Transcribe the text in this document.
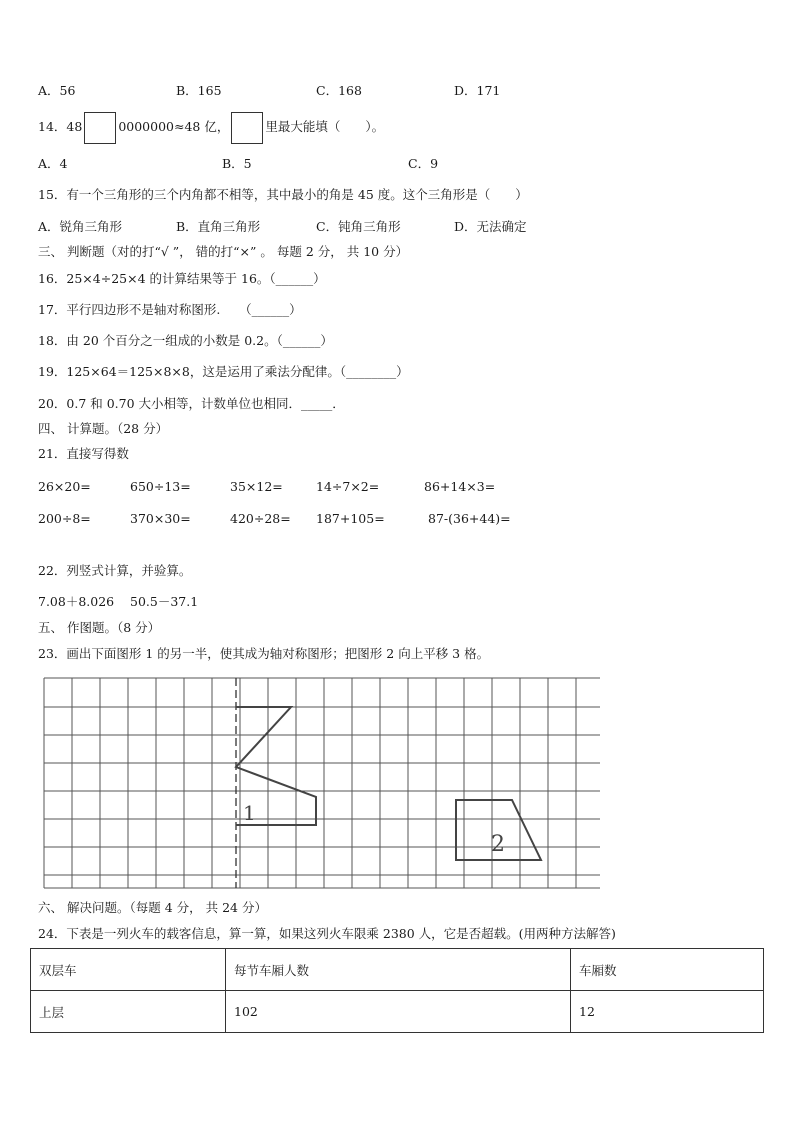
A．56	B．165	C．168	D．171
14．48	0000000≈48 亿，	里最大能填（　　）。
A．4	B．5	C．9
15．有一个三角形的三个内角都不相等，其中最小的角是 45 度。这个三角形是（　　）
A．锐角三角形	B．直角三角形	C．钝角三角形	D．无法确定
三、 判断题（对的打“√ ”， 错的打“×” 。 每题 2 分， 共 10 分）
16．25×4÷25×4 的计算结果等于 16。（______）
17．平行四边形不是轴对称图形.　　（______）
18．由 20 个百分之一组成的小数是 0.2。（______）
19．125×64＝125×8×8，这是运用了乘法分配律。（________）
20．0.7 和 0.70 大小相等，计数单位也相同．_____．
四、 计算题。（28 分）
21．直接写得数
26×20=	650÷13=	35×12=	14÷7×2=	86+14×3=
200÷8=	370×30=	420÷28= 187+105=	87-(36+44)=
22．列竖式计算，并验算。
7.08＋8.026 50.5－37.1
五、 作图题。（8 分）
23．画出下面图形 1 的另一半，使其成为轴对称图形；把图形 2 向上平移 3 格。
1
2
六、 解决问题。（每题 4 分， 共 24 分）
24．下表是一列火车的载客信息，算一算，如果这列火车限乘 2380 人，它是否超载。(用两种方法解答)
双层车	每节车厢人数	车厢数
上层	102	12
